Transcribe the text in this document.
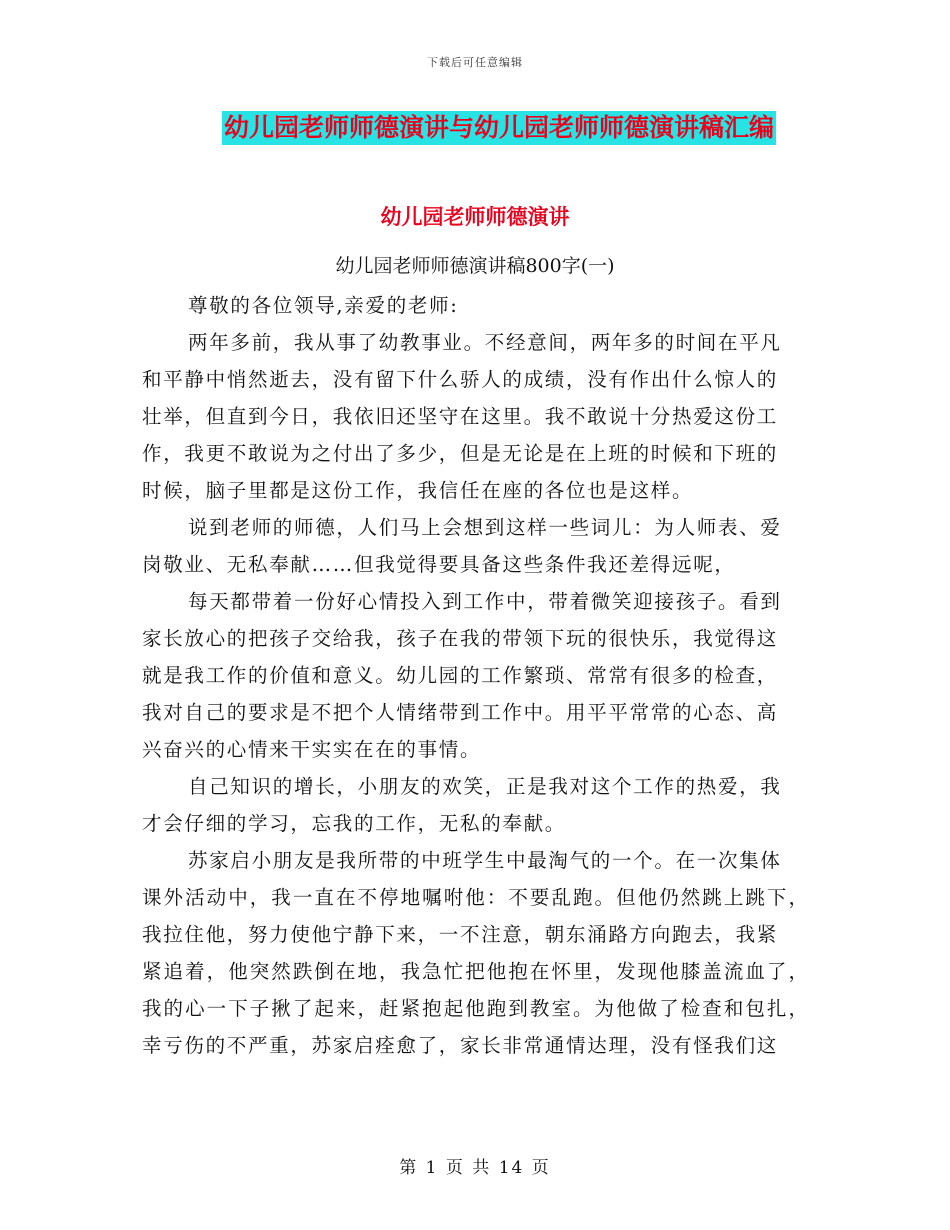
下载后可任意编辑
幼儿园老师师德演讲与幼儿园老师师德演讲稿汇编
幼儿园老师师德演讲
幼儿园老师师德演讲稿800字(一)
尊敬的各位领导,亲爱的老师:
两年多前，我从事了幼教事业。不经意间，两年多的时间在平凡
和平静中悄然逝去，没有留下什么骄人的成绩，没有作出什么惊人的
壮举，但直到今日，我依旧还坚守在这里。我不敢说十分热爱这份工
作，我更不敢说为之付出了多少，但是无论是在上班的时候和下班的
时候，脑子里都是这份工作，我信任在座的各位也是这样。
说到老师的师德，人们马上会想到这样一些词儿：为人师表、爱
岗敬业、无私奉献……但我觉得要具备这些条件我还差得远呢，
每天都带着一份好心情投入到工作中，带着微笑迎接孩子。看到
家长放心的把孩子交给我，孩子在我的带领下玩的很快乐，我觉得这
就是我工作的价值和意义。幼儿园的工作繁琐、常常有很多的检查，
我对自己的要求是不把个人情绪带到工作中。用平平常常的心态、高
兴奋兴的心情来干实实在在的事情。
自己知识的增长，小朋友的欢笑，正是我对这个工作的热爱，我
才会仔细的学习，忘我的工作，无私的奉献。
苏家启小朋友是我所带的中班学生中最淘气的一个。在一次集体
课外活动中，我一直在不停地嘱咐他：不要乱跑。但他仍然跳上跳下，
我拉住他，努力使他宁静下来，一不注意，朝东涌路方向跑去，我紧
紧追着，他突然跌倒在地，我急忙把他抱在怀里，发现他膝盖流血了，
我的心一下子揪了起来，赶紧抱起他跑到教室。为他做了检查和包扎，
幸亏伤的不严重，苏家启痊愈了，家长非常通情达理，没有怪我们这
第 1 页 共 14 页
